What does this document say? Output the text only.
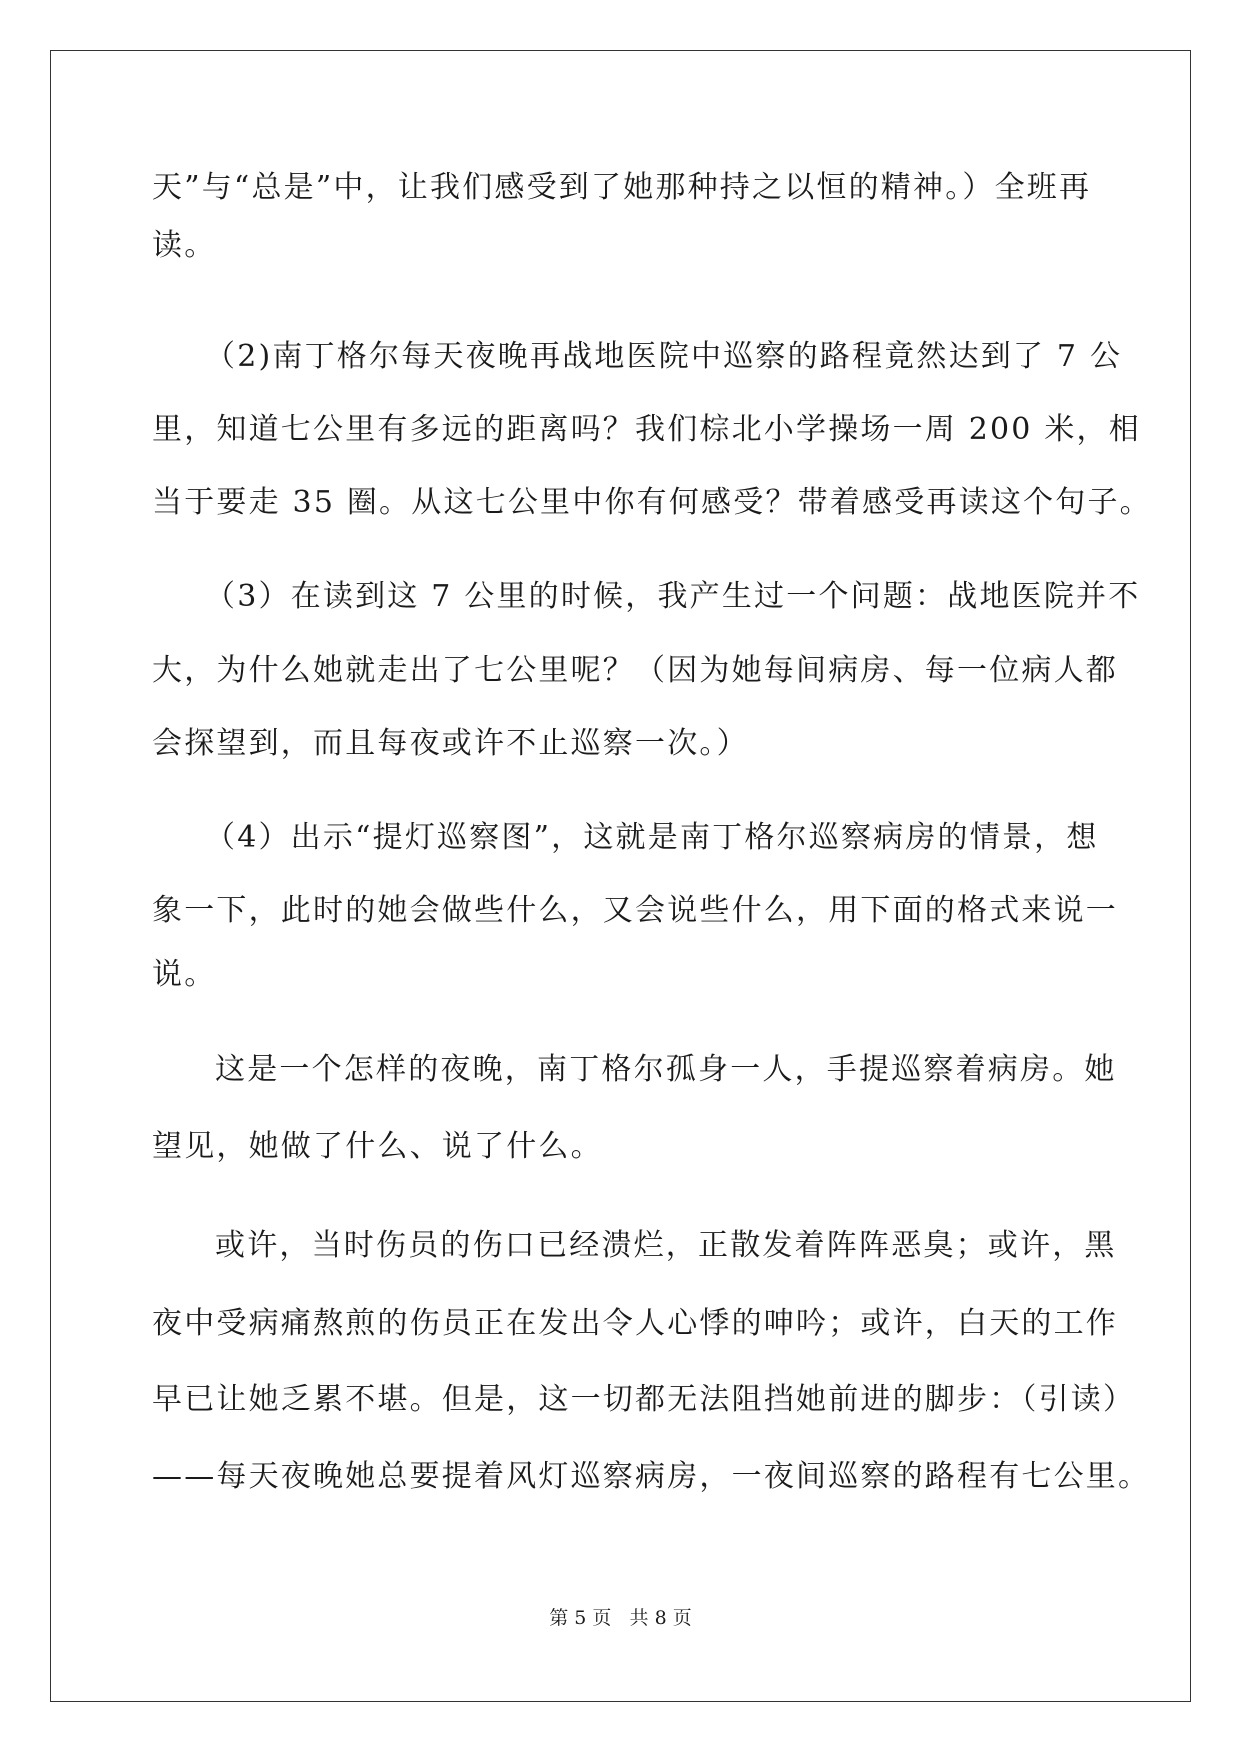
天”与“总是”中，让我们感受到了她那种持之以恒的精神。）全班再
读。
（2)南丁格尔每天夜晚再战地医院中巡察的路程竟然达到了 7 公
里，知道七公里有多远的距离吗？我们棕北小学操场一周 200 米，相
当于要走 35 圈。从这七公里中你有何感受？带着感受再读这个句子。
（3）在读到这 7 公里的时候，我产生过一个问题：战地医院并不
大，为什么她就走出了七公里呢？（因为她每间病房、每一位病人都
会探望到，而且每夜或许不止巡察一次。）
（4）出示“提灯巡察图”，这就是南丁格尔巡察病房的情景，想
象一下，此时的她会做些什么，又会说些什么，用下面的格式来说一
说。
这是一个怎样的夜晚，南丁格尔孤身一人，手提巡察着病房。她
望见，她做了什么、说了什么。
或许，当时伤员的伤口已经溃烂，正散发着阵阵恶臭；或许，黑
夜中受病痛熬煎的伤员正在发出令人心悸的呻吟；或许，白天的工作
早已让她乏累不堪。但是，这一切都无法阻挡她前进的脚步：（引读）
——每天夜晚她总要提着风灯巡察病房，一夜间巡察的路程有七公里。
第 5 页   共 8 页
